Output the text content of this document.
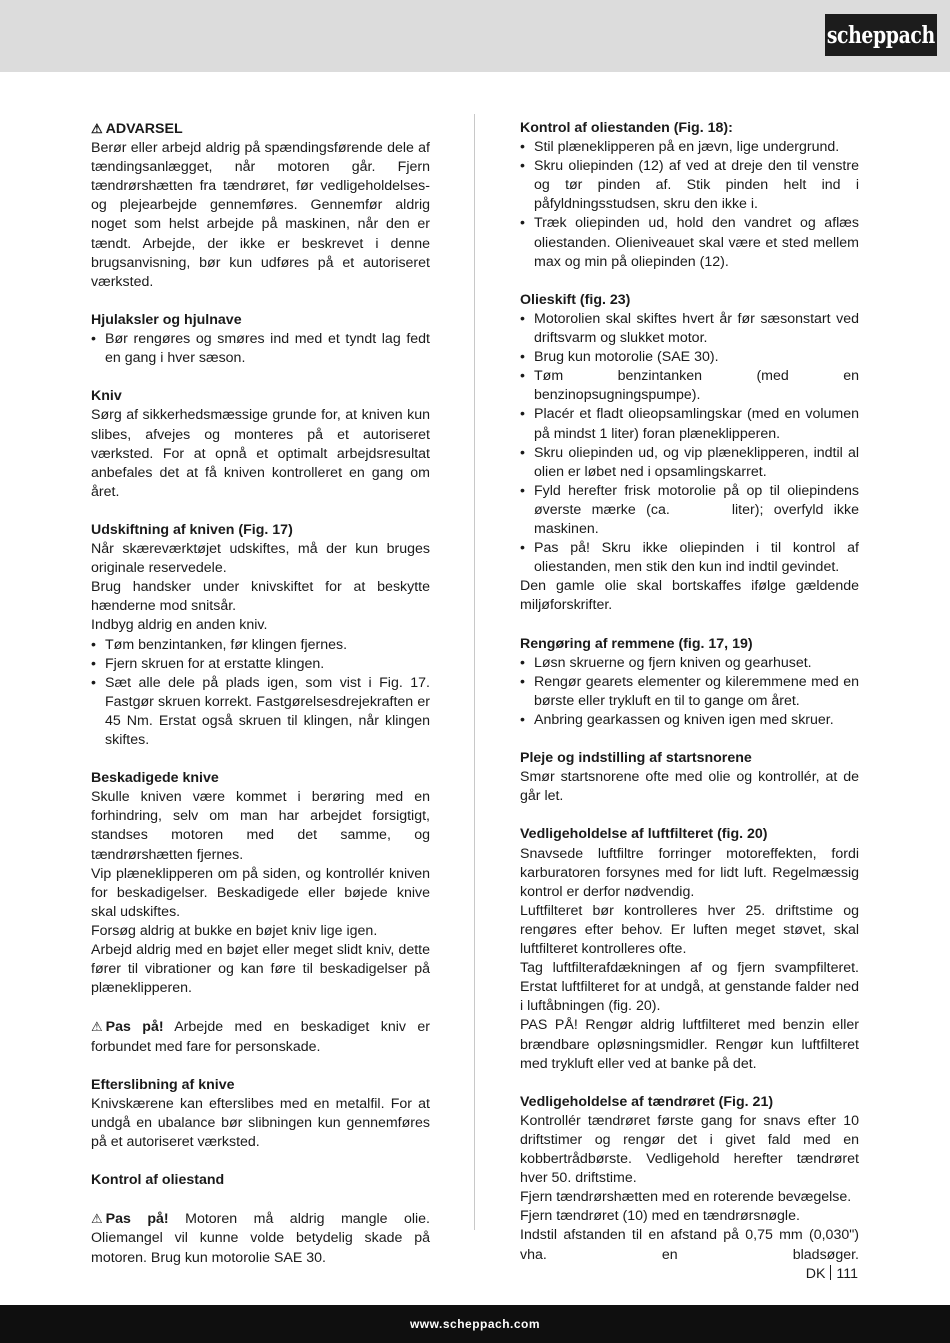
scheppach
⚠ ADVARSEL
Berør eller arbejd aldrig på spændingsførende dele af tændingsanlægget, når motoren går. Fjern tændrørshætten fra tændrøret, før vedligeholdelses- og plejearbejde gennemføres. Gennemfør aldrig noget som helst arbejde på maskinen, når den er tændt. Arbejde, der ikke er beskrevet i denne brugsanvisning, bør kun udføres på et autoriseret værksted.
Hjulaksler og hjulnave
• Bør rengøres og smøres ind med et tyndt lag fedt en gang i hver sæson.
Kniv
Sørg af sikkerhedsmæssige grunde for, at kniven kun slibes, afvejes og monteres på et autoriseret værksted. For at opnå et optimalt arbejdsresultat anbefales det at få kniven kontrolleret en gang om året.
Udskiftning af kniven (Fig. 17)
Når skæreværktøjet udskiftes, må der kun bruges originale reservedele.
Brug handsker under knivskiftet for at beskytte hænderne mod snitsår.
Indbyg aldrig en anden kniv.
• Tøm benzintanken, før klingen fjernes.
• Fjern skruen for at erstatte klingen.
• Sæt alle dele på plads igen, som vist i Fig. 17. Fastgør skruen korrekt. Fastgørelsesdrejekraften er 45 Nm. Erstat også skruen til klingen, når klingen skiftes.
Beskadigede knive
Skulle kniven være kommet i berøring med en forhindring, selv om man har arbejdet forsigtigt, standses motoren med det samme, og tændrørshætten fjernes.
Vip plæneklipperen om på siden, og kontrollér kniven for beskadigelser. Beskadigede eller bøjede knive skal udskiftes.
Forsøg aldrig at bukke en bøjet kniv lige igen.
Arbejd aldrig med en bøjet eller meget slidt kniv, dette fører til vibrationer og kan føre til beskadigelser på plæneklipperen.
⚠ Pas på! Arbejde med en beskadiget kniv er forbundet med fare for personskade.
Efterslibning af knive
Knivskærene kan efterslibes med en metalfil. For at undgå en ubalance bør slibningen kun gennemføres på et autoriseret værksted.
Kontrol af oliestand
⚠ Pas på! Motoren må aldrig mangle olie. Oliemangel vil kunne volde betydelig skade på motoren. Brug kun motorolie SAE 30.
Kontrol af oliestanden (Fig. 18):
• Stil plæneklipperen på en jævn, lige undergrund.
• Skru oliepinden (12) af ved at dreje den til venstre og tør pinden af. Stik pinden helt ind i påfyldningsstudsen, skru den ikke i.
• Træk oliepinden ud, hold den vandret og aflæs oliestanden. Olieniveauet skal være et sted mellem max og min på oliepinden (12).
Olieskift (fig. 23)
• Motorolien skal skiftes hvert år før sæsonstart ved driftsvarm og slukket motor.
• Brug kun motorolie (SAE 30).
• Tøm benzintanken (med en benzinopsugningspumpe).
• Placér et fladt olieopsamlingskar (med en volumen på mindst 1 liter) foran plæneklipperen.
• Skru oliepinden ud, og vip plæneklipperen, indtil al olien er løbet ned i opsamlingskarret.
• Fyld herefter frisk motorolie på op til oliepindens øverste mærke (ca.      liter); overfyld ikke maskinen.
• Pas på! Skru ikke oliepinden i til kontrol af oliestanden, men stik den kun ind indtil gevindet.
Den gamle olie skal bortskaffes ifølge gældende miljøforskrifter.
Rengøring af remmene (fig. 17, 19)
• Løsn skruerne og fjern kniven og gearhuset.
• Rengør gearets elementer og kileremmene med en børste eller trykluft en til to gange om året.
• Anbring gearkassen og kniven igen med skruer.
Pleje og indstilling af startsnorene
Smør startsnorene ofte med olie og kontrollér, at de går let.
Vedligeholdelse af luftfilteret (fig. 20)
Snavsede luftfiltre forringer motoreffekten, fordi karburatoren forsynes med for lidt luft. Regelmæssig kontrol er derfor nødvendig.
Luftfilteret bør kontrolleres hver 25. driftstime og rengøres efter behov. Er luften meget støvet, skal luftfilteret kontrolleres ofte.
Tag luftfilterafdækningen af og fjern svampfilteret. Erstat luftfilteret for at undgå, at genstande falder ned i luftåbningen (fig. 20).
PAS PÅ! Rengør aldrig luftfilteret med benzin eller brændbare opløsningsmidler. Rengør kun luftfilteret med trykluft eller ved at banke på det.
Vedligeholdelse af tændrøret (Fig. 21)
Kontrollér tændrøret første gang for snavs efter 10 driftstimer og rengør det i givet fald med en kobbertrådbørste. Vedligehold herefter tændrøret hver 50. driftstime.
Fjern tændrørshætten med en roterende bevægelse.
Fjern tændrøret (10) med en tændrørsnøgle.
Indstil afstanden til en afstand på 0,75 mm (0,030") vha. en bladsøger.
DK 111
www.scheppach.com
